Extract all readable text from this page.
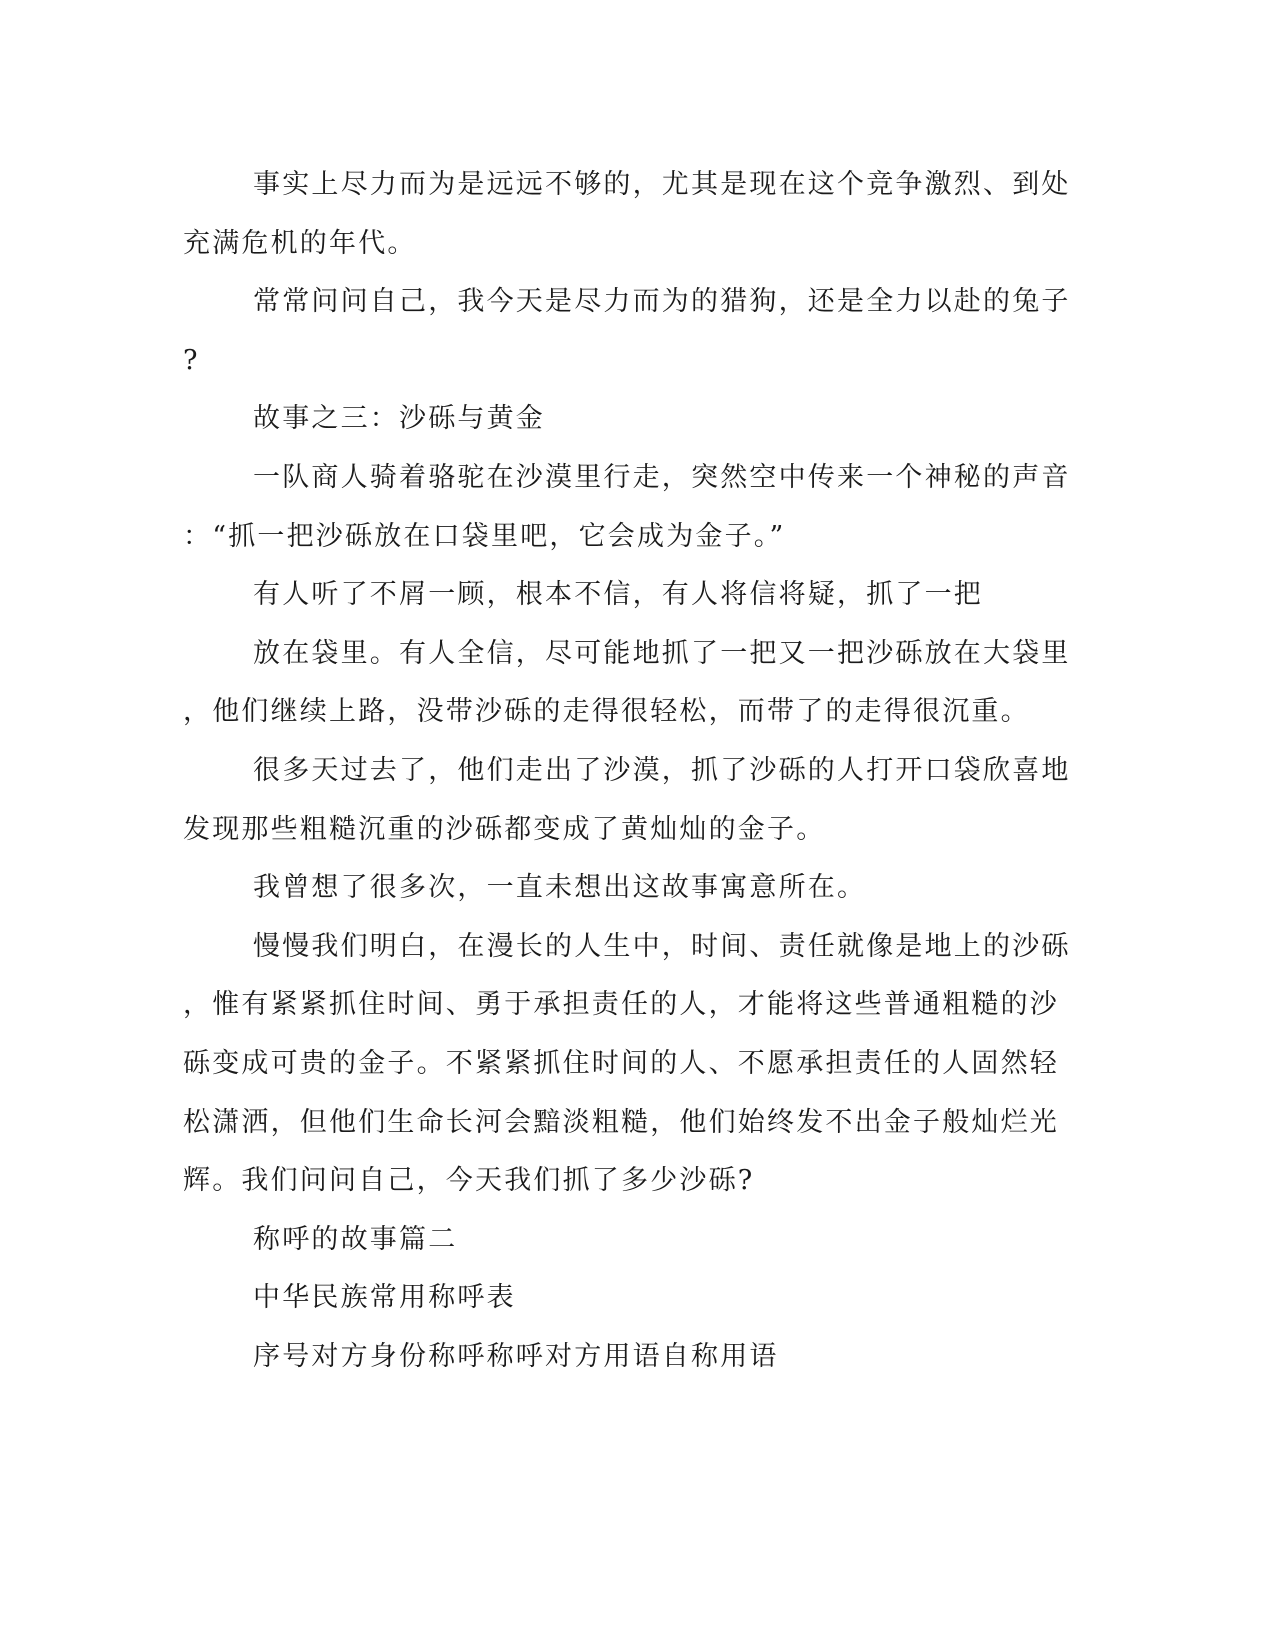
事实上尽力而为是远远不够的，尤其是现在这个竞争激烈、到处
充满危机的年代。
常常问问自己，我今天是尽力而为的猎狗，还是全力以赴的兔子
?
故事之三：沙砾与黄金
一队商人骑着骆驼在沙漠里行走，突然空中传来一个神秘的声音
：“抓一把沙砾放在口袋里吧，它会成为金子。”
有人听了不屑一顾，根本不信，有人将信将疑，抓了一把
放在袋里。有人全信，尽可能地抓了一把又一把沙砾放在大袋里
，他们继续上路，没带沙砾的走得很轻松，而带了的走得很沉重。
很多天过去了，他们走出了沙漠，抓了沙砾的人打开口袋欣喜地
发现那些粗糙沉重的沙砾都变成了黄灿灿的金子。
我曾想了很多次，一直未想出这故事寓意所在。
慢慢我们明白，在漫长的人生中，时间、责任就像是地上的沙砾
，惟有紧紧抓住时间、勇于承担责任的人，才能将这些普通粗糙的沙
砾变成可贵的金子。不紧紧抓住时间的人、不愿承担责任的人固然轻
松潇洒，但他们生命长河会黯淡粗糙，他们始终发不出金子般灿烂光
辉。我们问问自己，今天我们抓了多少沙砾?
称呼的故事篇二
中华民族常用称呼表
序号对方身份称呼称呼对方用语自称用语
